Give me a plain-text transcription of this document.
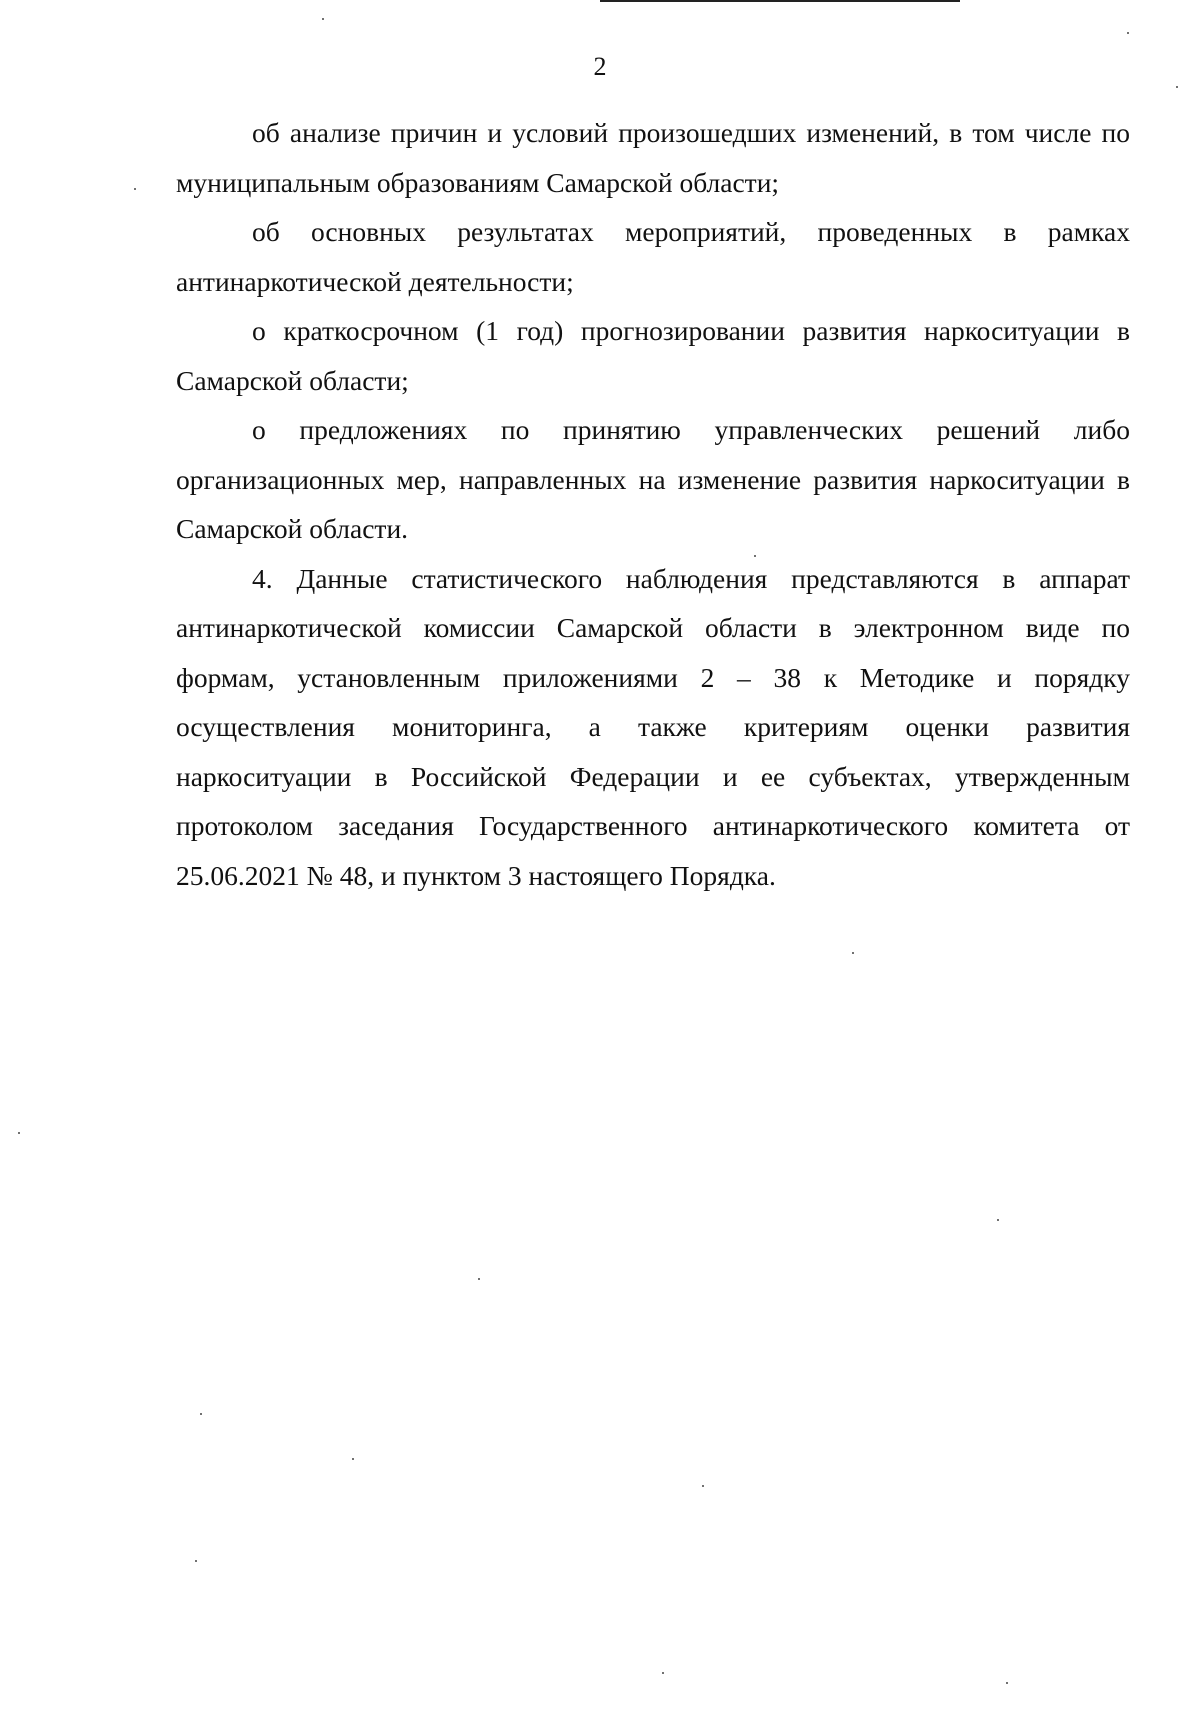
2

об анализе причин и условий произошедших изменений, в том числе по муниципальным образованиям Самарской области;

об основных результатах мероприятий, проведенных в рамках антинаркотической деятельности;

о краткосрочном (1 год) прогнозировании развития наркоситуации в Самарской области;

о предложениях по принятию управленческих решений либо организационных мер, направленных на изменение развития наркоситуации в Самарской области.

4. Данные статистического наблюдения представляются в аппарат антинаркотической комиссии Самарской области в электронном виде по формам, установленным приложениями 2 – 38 к Методике и порядку осуществления мониторинга, а также критериям оценки развития наркоситуации в Российской Федерации и ее субъектах, утвержденным протоколом заседания Государственного антинаркотического комитета от 25.06.2021 № 48, и пунктом 3 настоящего Порядка.
